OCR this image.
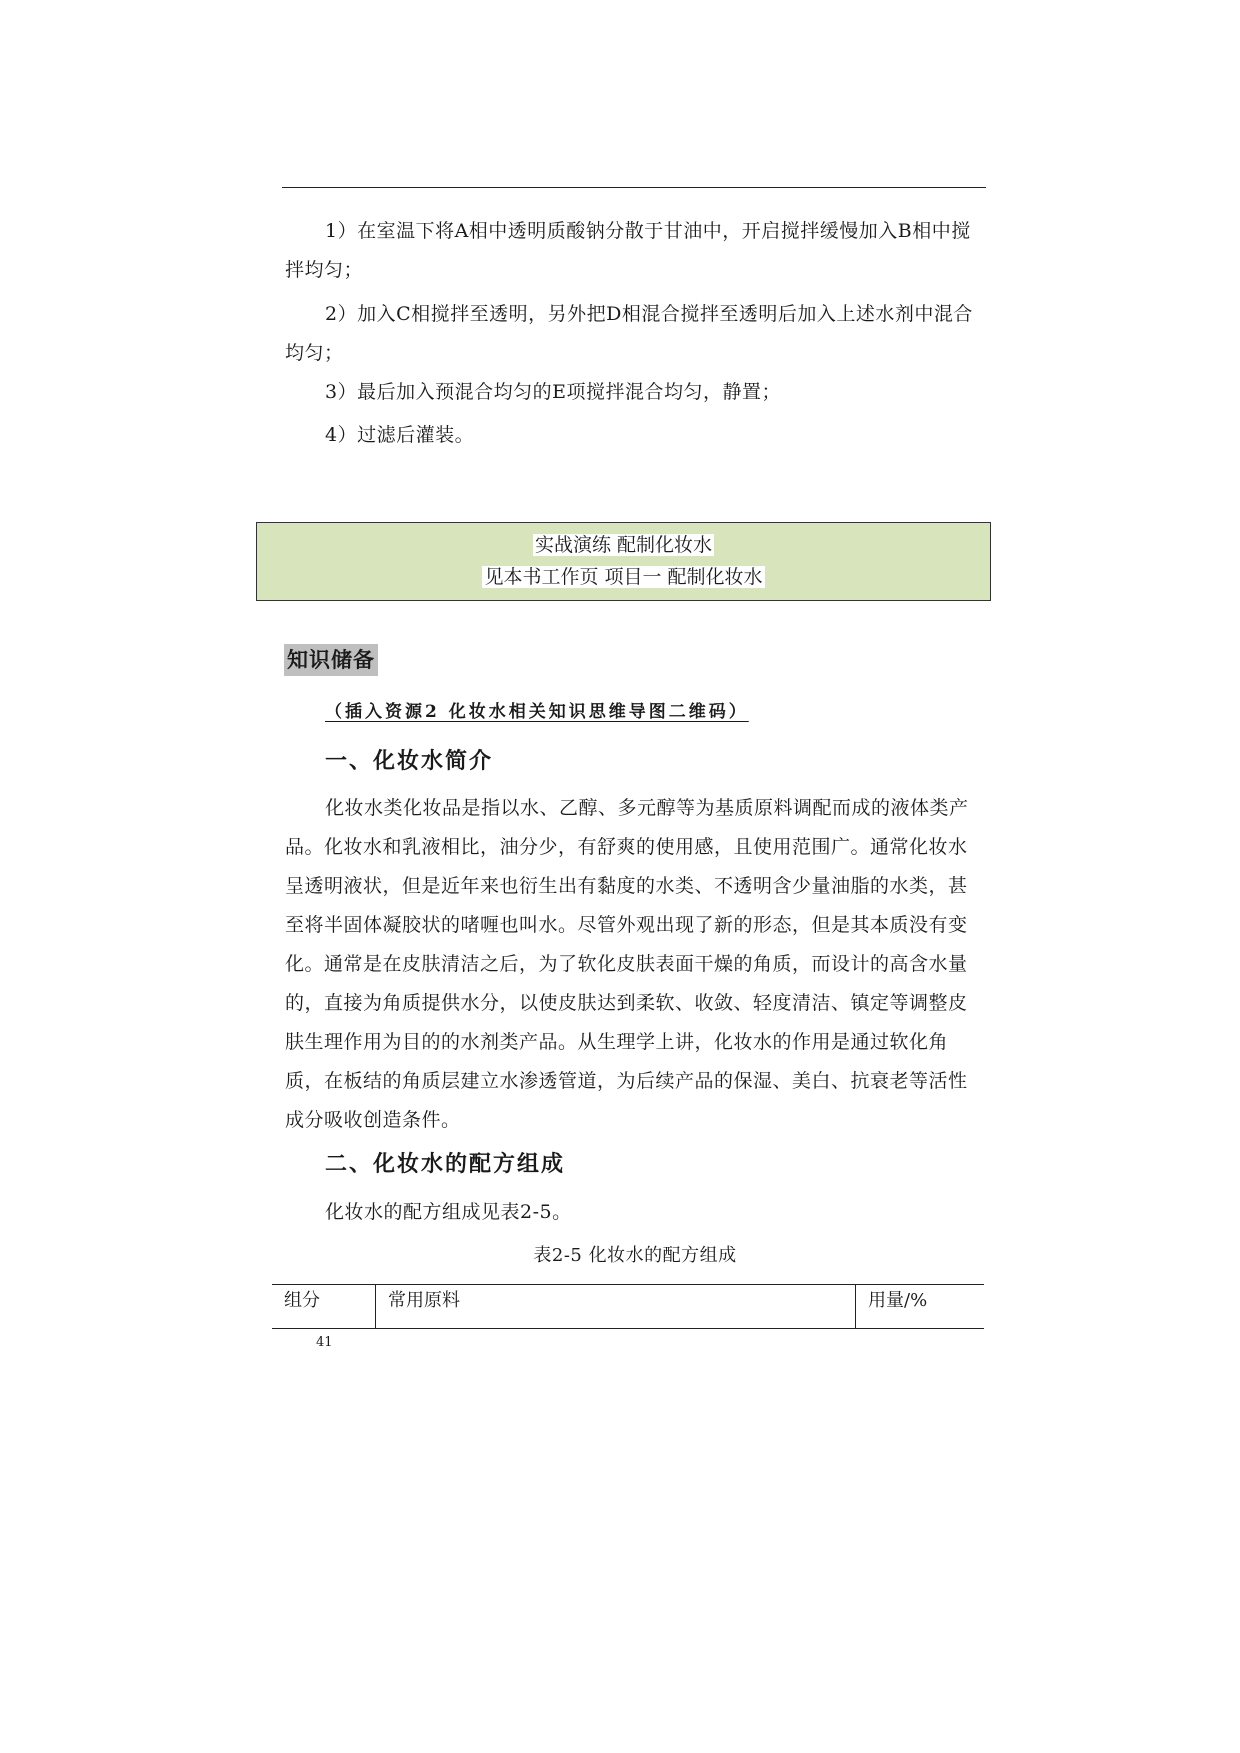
1）在室温下将A相中透明质酸钠分散于甘油中，开启搅拌缓慢加入B相中搅拌均匀；

2）加入C相搅拌至透明，另外把D相混合搅拌至透明后加入上述水剂中混合均匀；

3）最后加入预混合均匀的E项搅拌混合均匀，静置；

4）过滤后灌装。

实战演练 配制化妆水
见本书工作页 项目一 配制化妆水
知识储备
（插入资源2 化妆水相关知识思维导图二维码）
一、化妆水简介

化妆水类化妆品是指以水、乙醇、多元醇等为基质原料调配而成的液体类产品。化妆水和乳液相比，油分少，有舒爽的使用感，且使用范围广。通常化妆水呈透明液状，但是近年来也衍生出有黏度的水类、不透明含少量油脂的水类，甚至将半固体凝胶状的啫喱也叫水。尽管外观出现了新的形态，但是其本质没有变化。通常是在皮肤清洁之后，为了软化皮肤表面干燥的角质，而设计的高含水量的，直接为角质提供水分，以使皮肤达到柔软、收敛、轻度清洁、镇定等调整皮肤生理作用为目的的水剂类产品。从生理学上讲，化妆水的作用是通过软化角质，在板结的角质层建立水渗透管道，为后续产品的保湿、美白、抗衰老等活性成分吸收创造条件。

二、化妆水的配方组成

化妆水的配方组成见表2-5。

表2-5 化妆水的配方组成

组分	常用原料	用量/%

41
